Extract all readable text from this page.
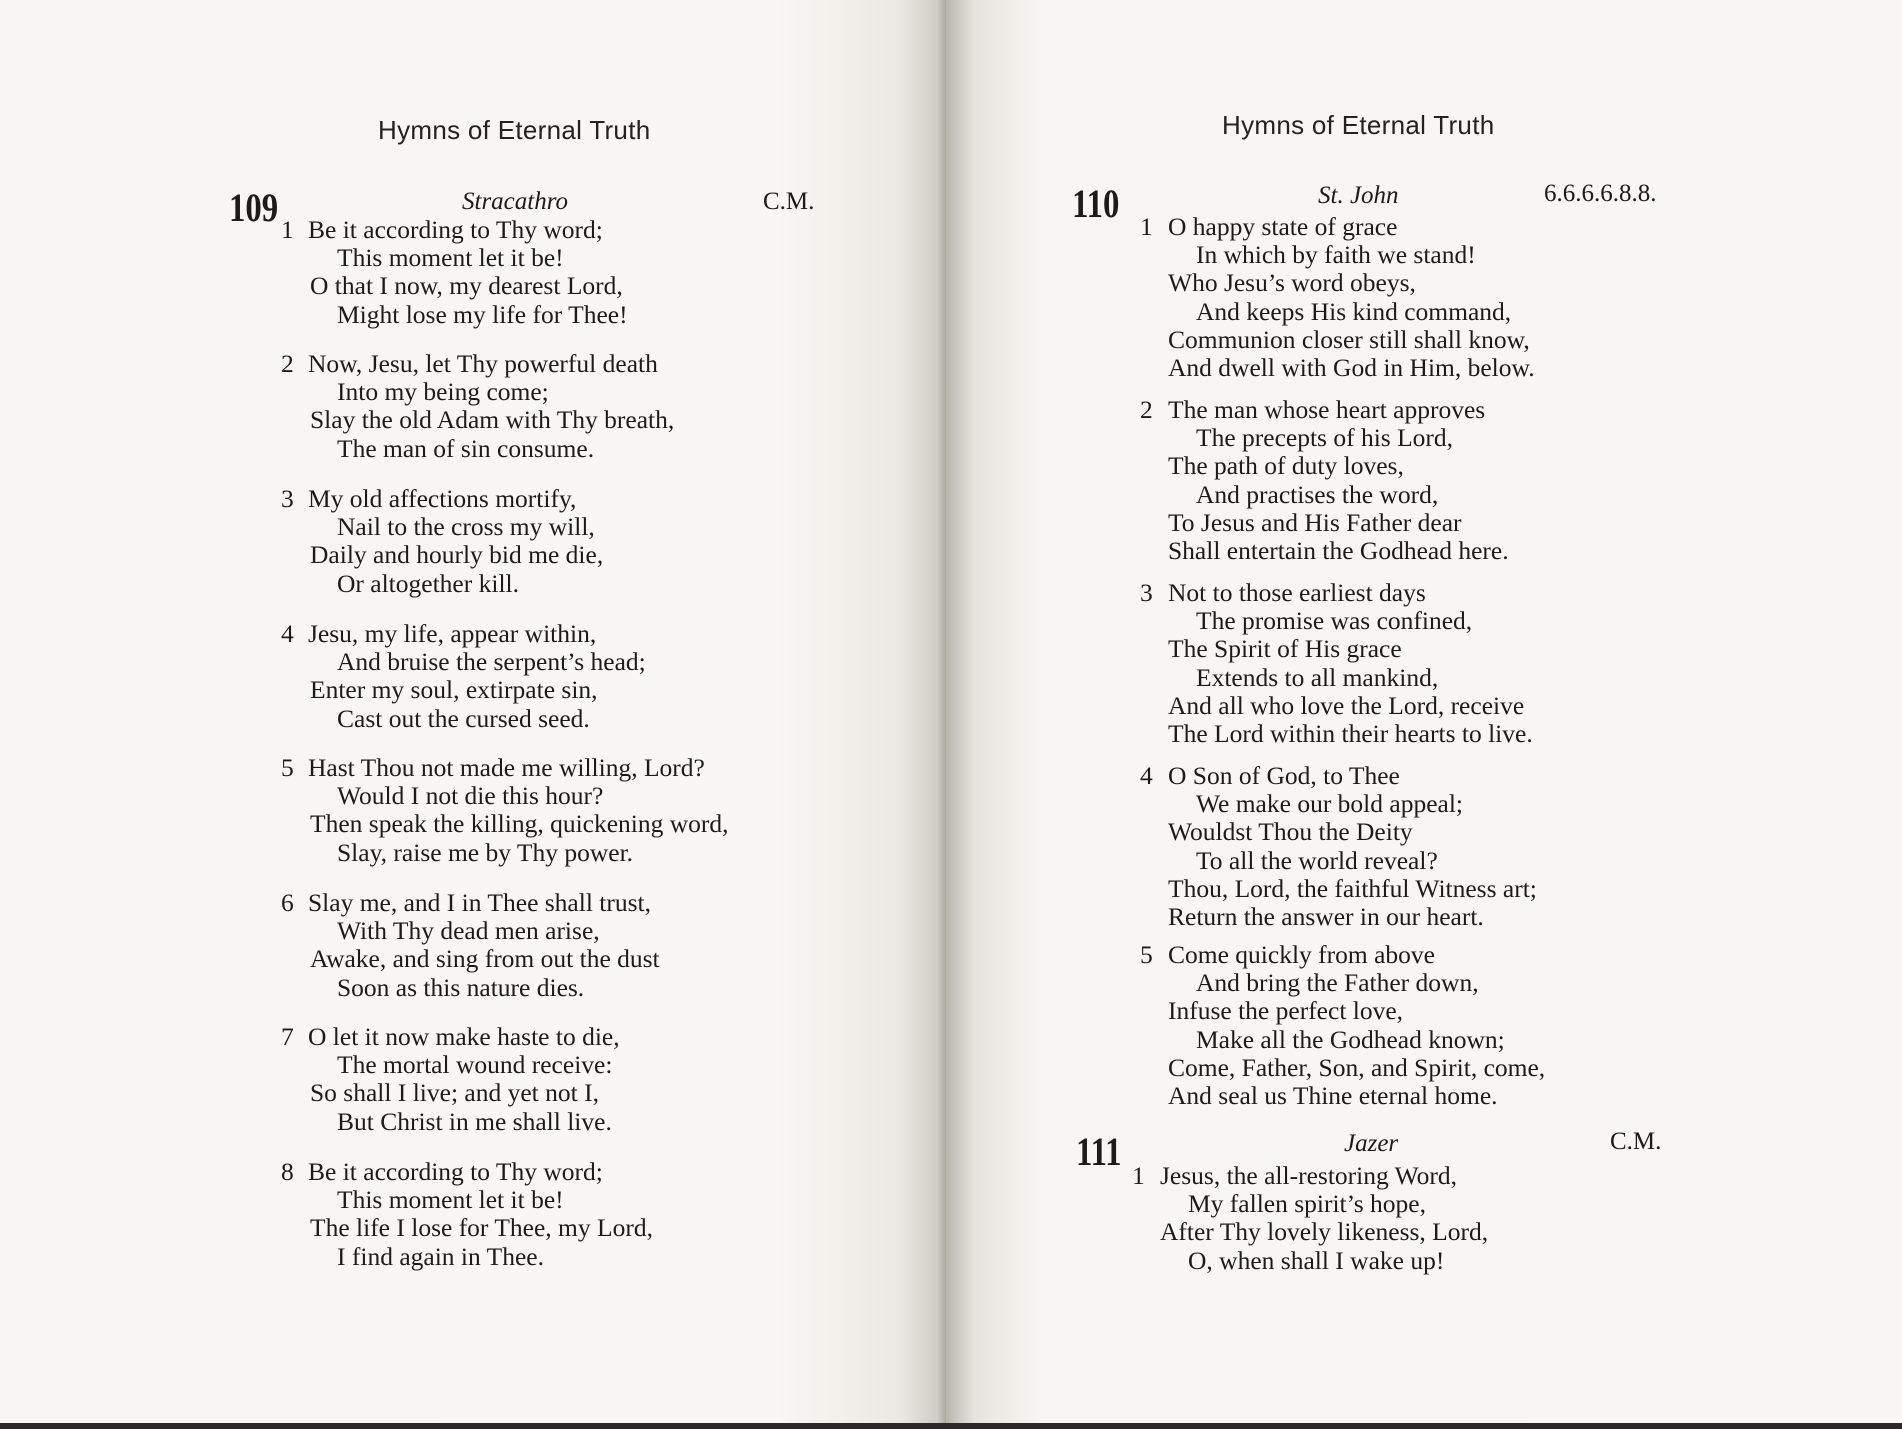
Hymns of Eternal Truth
109	Stracathro	C.M.
1 Be it according to Thy word;
This moment let it be!
O that I now, my dearest Lord,
Might lose my life for Thee!
2 Now, Jesu, let Thy powerful death
Into my being come;
Slay the old Adam with Thy breath,
The man of sin consume.
3 My old affections mortify,
Nail to the cross my will,
Daily and hourly bid me die,
Or altogether kill.
4 Jesu, my life, appear within,
And bruise the serpent’s head;
Enter my soul, extirpate sin,
Cast out the cursed seed.
5 Hast Thou not made me willing, Lord?
Would I not die this hour?
Then speak the killing, quickening word,
Slay, raise me by Thy power.
6 Slay me, and I in Thee shall trust,
With Thy dead men arise,
Awake, and sing from out the dust
Soon as this nature dies.
7 O let it now make haste to die,
The mortal wound receive:
So shall I live; and yet not I,
But Christ in me shall live.
8 Be it according to Thy word;
This moment let it be!
The life I lose for Thee, my Lord,
I find again in Thee.
Hymns of Eternal Truth
110	St. John	6.6.6.6.8.8.
1 O happy state of grace
In which by faith we stand!
Who Jesu’s word obeys,
And keeps His kind command,
Communion closer still shall know,
And dwell with God in Him, below.
2 The man whose heart approves
The precepts of his Lord,
The path of duty loves,
And practises the word,
To Jesus and His Father dear
Shall entertain the Godhead here.
3 Not to those earliest days
The promise was confined,
The Spirit of His grace
Extends to all mankind,
And all who love the Lord, receive
The Lord within their hearts to live.
4 O Son of God, to Thee
We make our bold appeal;
Wouldst Thou the Deity
To all the world reveal?
Thou, Lord, the faithful Witness art;
Return the answer in our heart.
5 Come quickly from above
And bring the Father down,
Infuse the perfect love,
Make all the Godhead known;
Come, Father, Son, and Spirit, come,
And seal us Thine eternal home.
111	Jazer	C.M.
1 Jesus, the all-restoring Word,
My fallen spirit’s hope,
After Thy lovely likeness, Lord,
O, when shall I wake up!
